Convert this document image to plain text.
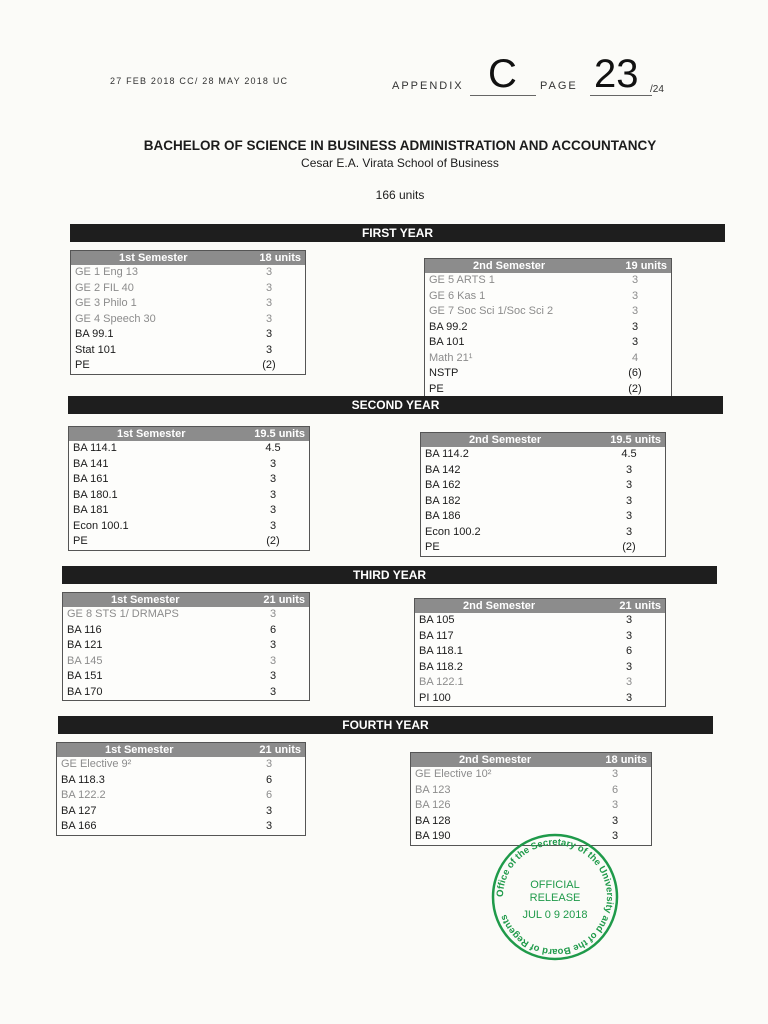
27 FEB 2018 CC/ 28 MAY 2018 UC	APPENDIX C PAGE 23 /24
BACHELOR OF SCIENCE IN BUSINESS ADMINISTRATION AND ACCOUNTANCY
Cesar E.A. Virata School of Business
166 units
FIRST YEAR
1st Semester	18 units
GE 1 Eng 13	3
GE 2 FIL 40	3
GE 3 Philo 1	3
GE 4 Speech 30	3
BA 99.1	3
Stat 101	3
PE	(2)
2nd Semester	19 units
GE 5 ARTS 1	3
GE 6 Kas 1	3
GE 7 Soc Sci 1/Soc Sci 2	3
BA 99.2	3
BA 101	3
Math 21¹	4
NSTP	(6)
PE	(2)
SECOND YEAR
1st Semester	19.5 units
BA 114.1	4.5
BA 141	3
BA 161	3
BA 180.1	3
BA 181	3
Econ 100.1	3
PE	(2)
2nd Semester	19.5 units
BA 114.2	4.5
BA 142	3
BA 162	3
BA 182	3
BA 186	3
Econ 100.2	3
PE	(2)
THIRD YEAR
1st Semester	21 units
GE 8 STS 1/ DRMAPS	3
BA 116	6
BA 121	3
BA 145	3
BA 151	3
BA 170	3
2nd Semester	21 units
BA 105	3
BA 117	3
BA 118.1	6
BA 118.2	3
BA 122.1	3
PI 100	3
FOURTH YEAR
1st Semester	21 units
GE Elective 9²	3
BA 118.3	6
BA 122.2	6
BA 127	3
BA 166	3
2nd Semester	18 units
GE Elective 10²	3
BA 123	6
BA 126	3
BA 128	3
BA 190	3
Office of the Secretary of the University and of the Board of Regents
OFFICIAL
RELEASE
JUL 0 9 2018
